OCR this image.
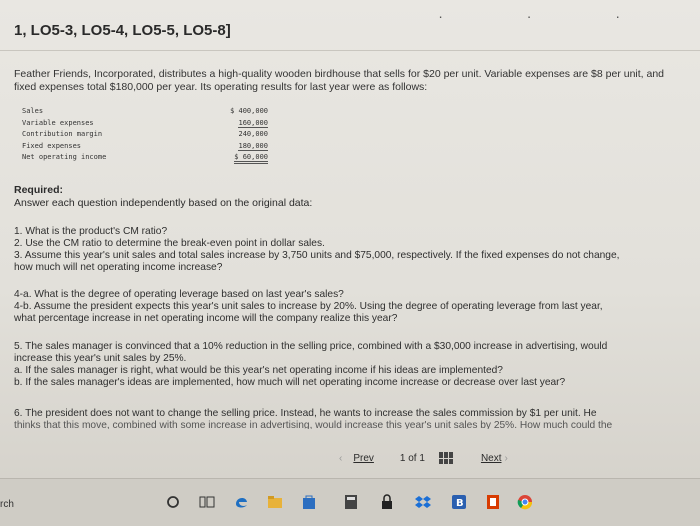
· · ·
1, LO5-3, LO5-4, LO5-5, LO5-8]
Feather Friends, Incorporated, distributes a high-quality wooden birdhouse that sells for $20 per unit. Variable expenses are $8 per unit, and fixed expenses total $180,000 per year. Its operating results for last year were as follows:
Sales	$ 400,000
Variable expenses	160,000
Contribution margin	240,000
Fixed expenses	180,000
Net operating income	$ 60,000
Required:
Answer each question independently based on the original data:
1. What is the product's CM ratio?
2. Use the CM ratio to determine the break-even point in dollar sales.
3. Assume this year's unit sales and total sales increase by 3,750 units and $75,000, respectively. If the fixed expenses do not change,
how much will net operating income increase?
4-a. What is the degree of operating leverage based on last year's sales?
4-b. Assume the president expects this year's unit sales to increase by 20%. Using the degree of operating leverage from last year,
what percentage increase in net operating income will the company realize this year?
5. The sales manager is convinced that a 10% reduction in the selling price, combined with a $30,000 increase in advertising, would
increase this year's unit sales by 25%.
a. If the sales manager is right, what would be this year's net operating income if his ideas are implemented?
b. If the sales manager's ideas are implemented, how much will net operating income increase or decrease over last year?
6. The president does not want to change the selling price. Instead, he wants to increase the sales commission by $1 per unit. He
thinks that this move, combined with some increase in advertising, would increase this year's unit sales by 25%. How much could the
‹ Prev	1 of 1	Next ›
rch	B
